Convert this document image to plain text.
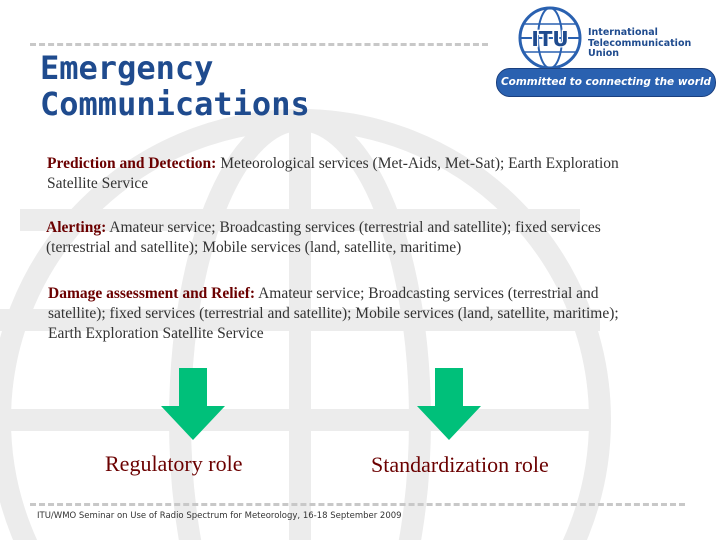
Emergency
Communications
ITU International
Telecommunication
Union
Committed to connecting the world

Prediction and Detection: Meteorological services (Met-Aids, Met-Sat); Earth Exploration Satellite Service

Alerting: Amateur service; Broadcasting services (terrestrial and satellite); fixed services (terrestrial and satellite); Mobile services (land, satellite, maritime)

Damage assessment and Relief: Amateur service; Broadcasting services (terrestrial and satellite); fixed services (terrestrial and satellite); Mobile services (land, satellite, maritime); Earth Exploration Satellite Service

Regulatory role	Standardization role
ITU/WMO Seminar on Use of Radio Spectrum for Meteorology, 16-18 September 2009
